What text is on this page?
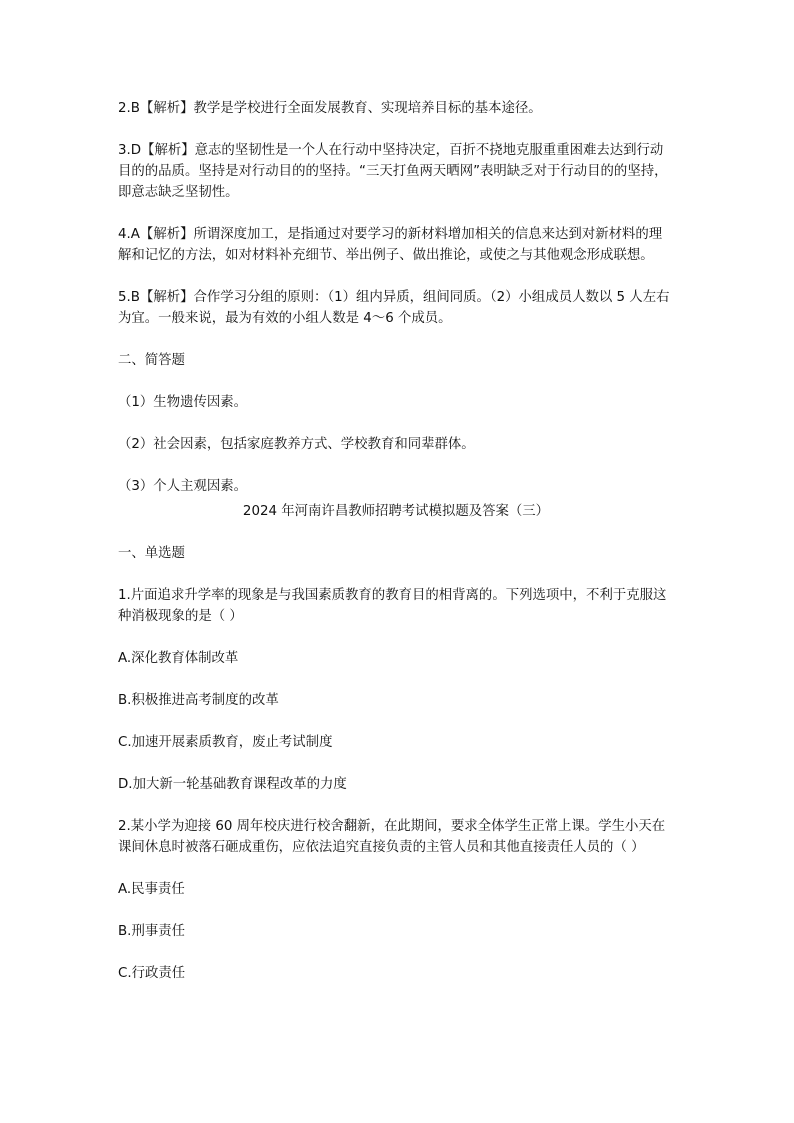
2.B【解析】教学是学校进行全面发展教育、实现培养目标的基本途径。

3.D【解析】意志的坚韧性是一个人在行动中坚持决定，百折不挠地克服重重困难去达到行动目的的品质。坚持是对行动目的的坚持。“三天打鱼两天晒网”表明缺乏对于行动目的的坚持，即意志缺乏坚韧性。

4.A【解析】所谓深度加工，是指通过对要学习的新材料增加相关的信息来达到对新材料的理解和记忆的方法，如对材料补充细节、举出例子、做出推论，或使之与其他观念形成联想。

5.B【解析】合作学习分组的原则：（1）组内异质，组间同质。（2）小组成员人数以 5 人左右为宜。一般来说，最为有效的小组人数是 4～6 个成员。

二、简答题

（1）生物遗传因素。

（2）社会因素，包括家庭教养方式、学校教育和同辈群体。

（3）个人主观因素。

2024 年河南许昌教师招聘考试模拟题及答案（三）

一、单选题

1.片面追求升学率的现象是与我国素质教育的教育目的相背离的。下列选项中，不利于克服这种消极现象的是（ ）

A.深化教育体制改革

B.积极推进高考制度的改革

C.加速开展素质教育，废止考试制度

D.加大新一轮基础教育课程改革的力度

2.某小学为迎接 60 周年校庆进行校舍翻新，在此期间，要求全体学生正常上课。学生小天在课间休息时被落石砸成重伤，应依法追究直接负责的主管人员和其他直接责任人员的（ ）

A.民事责任

B.刑事责任

C.行政责任
